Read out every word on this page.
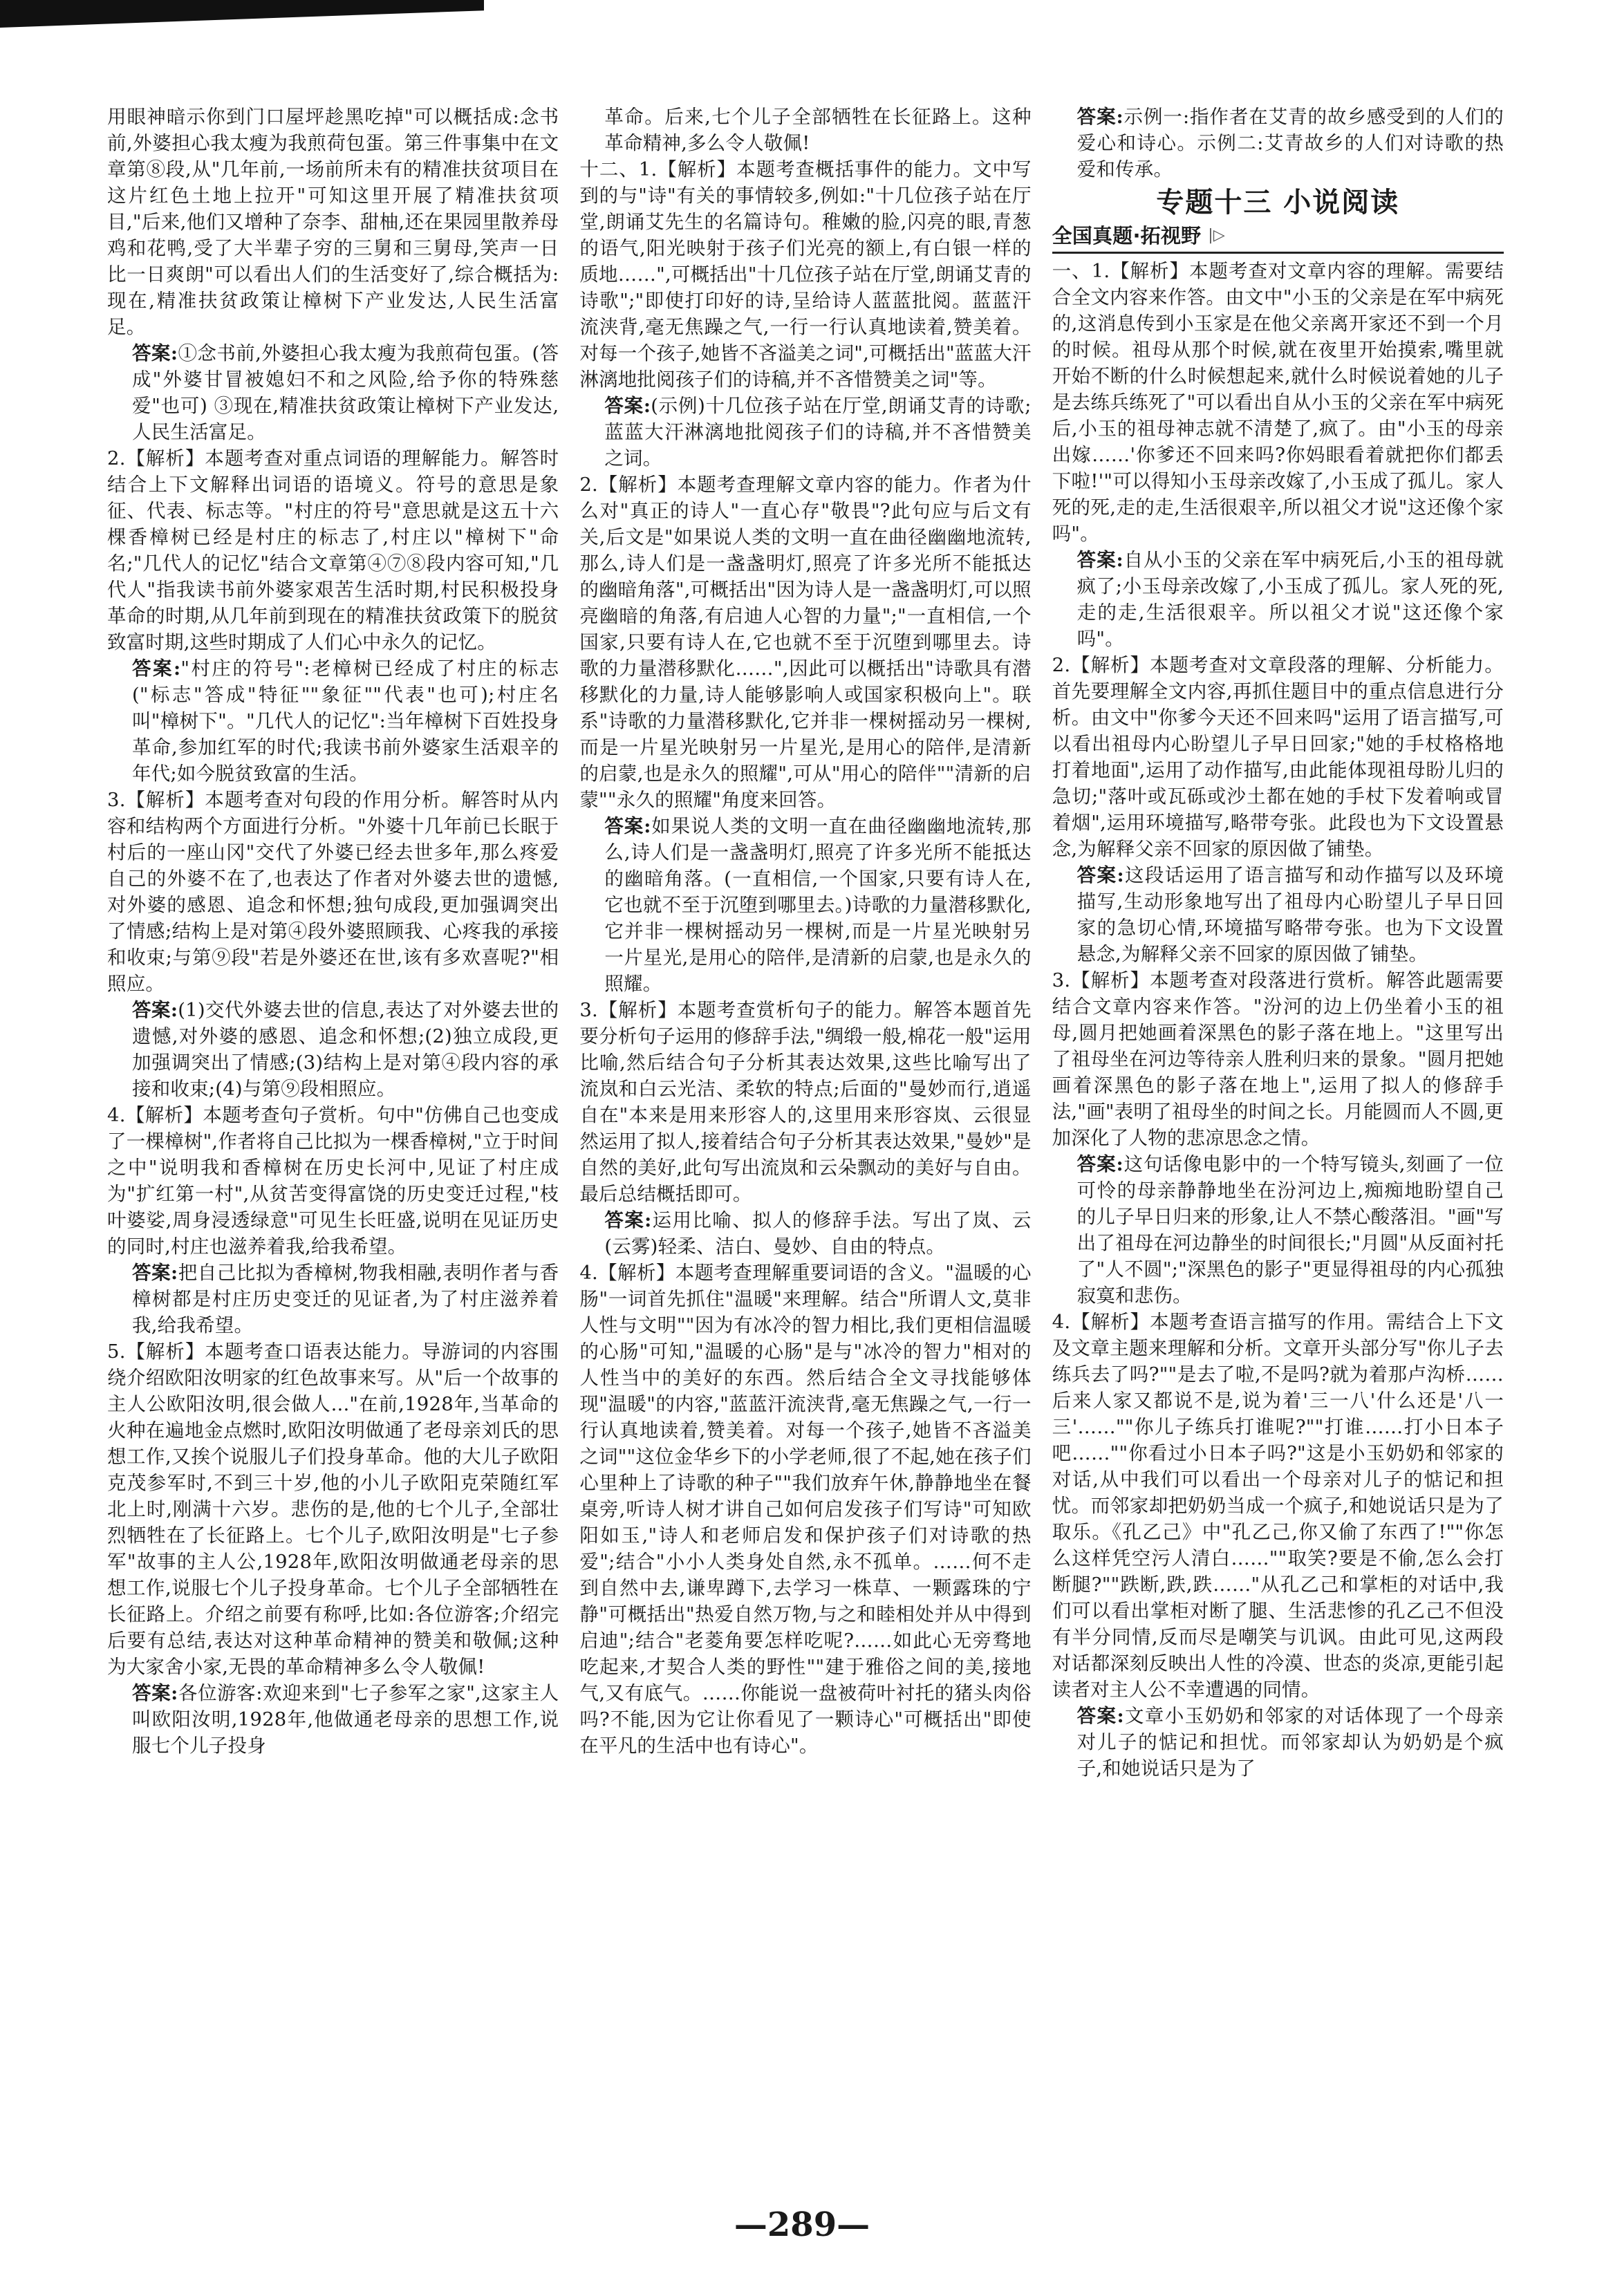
用眼神暗示你到门口屋坪趁黑吃掉"可以概括成:念书前,外婆担心我太瘦为我煎荷包蛋。第三件事集中在文章第⑧段,从"几年前,一场前所未有的精准扶贫项目在这片红色土地上拉开"可知这里开展了精准扶贫项目,"后来,他们又增种了奈李、甜柚,还在果园里散养母鸡和花鸭,受了大半辈子穷的三舅和三舅母,笑声一日比一日爽朗"可以看出人们的生活变好了,综合概括为:现在,精准扶贫政策让樟树下产业发达,人民生活富足。

答案:①念书前,外婆担心我太瘦为我煎荷包蛋。(答成"外婆甘冒被媳妇不和之风险,给予你的特殊慈爱"也可) ③现在,精准扶贫政策让樟树下产业发达,人民生活富足。

2.【解析】本题考查对重点词语的理解能力。解答时结合上下文解释出词语的语境义。符号的意思是象征、代表、标志等。"村庄的符号"意思就是这五十六棵香樟树已经是村庄的标志了,村庄以"樟树下"命名;"几代人的记忆"结合文章第④⑦⑧段内容可知,"几代人"指我读书前外婆家艰苦生活时期,村民积极投身革命的时期,从几年前到现在的精准扶贫政策下的脱贫致富时期,这些时期成了人们心中永久的记忆。

答案:"村庄的符号":老樟树已经成了村庄的标志("标志"答成"特征""象征""代表"也可);村庄名叫"樟树下"。"几代人的记忆":当年樟树下百姓投身革命,参加红军的时代;我读书前外婆家生活艰辛的年代;如今脱贫致富的生活。

3.【解析】本题考查对句段的作用分析。解答时从内容和结构两个方面进行分析。"外婆十几年前已长眠于村后的一座山冈"交代了外婆已经去世多年,那么疼爱自己的外婆不在了,也表达了作者对外婆去世的遗憾,对外婆的感恩、追念和怀想;独句成段,更加强调突出了情感;结构上是对第④段外婆照顾我、心疼我的承接和收束;与第⑨段"若是外婆还在世,该有多欢喜呢?"相照应。

答案:(1)交代外婆去世的信息,表达了对外婆去世的遗憾,对外婆的感恩、追念和怀想;(2)独立成段,更加强调突出了情感;(3)结构上是对第④段内容的承接和收束;(4)与第⑨段相照应。

4.【解析】本题考查句子赏析。句中"仿佛自己也变成了一棵樟树",作者将自己比拟为一棵香樟树,"立于时间之中"说明我和香樟树在历史长河中,见证了村庄成为"扩红第一村",从贫苦变得富饶的历史变迁过程,"枝叶婆娑,周身浸透绿意"可见生长旺盛,说明在见证历史的同时,村庄也滋养着我,给我希望。

答案:把自己比拟为香樟树,物我相融,表明作者与香樟树都是村庄历史变迁的见证者,为了村庄滋养着我,给我希望。

5.【解析】本题考查口语表达能力。导游词的内容围绕介绍欧阳汝明家的红色故事来写。从"后一个故事的主人公欧阳汝明,很会做人..."在前,1928年,当革命的火种在遍地金点燃时,欧阳汝明做通了老母亲刘氏的思想工作,又挨个说服儿子们投身革命。他的大儿子欧阳克茂参军时,不到三十岁,他的小儿子欧阳克荣随红军北上时,刚满十六岁。悲伤的是,他的七个儿子,全部壮烈牺牲在了长征路上。七个儿子,欧阳汝明是"七子参军"故事的主人公,1928年,欧阳汝明做通老母亲的思想工作,说服七个儿子投身革命。七个儿子全部牺牲在长征路上。介绍之前要有称呼,比如:各位游客;介绍完后要有总结,表达对这种革命精神的赞美和敬佩;这种为大家舍小家,无畏的革命精神多么令人敬佩!

答案:各位游客:欢迎来到"七子参军之家",这家主人叫欧阳汝明,1928年,他做通老母亲的思想工作,说服七个儿子投身

革命。后来,七个儿子全部牺牲在长征路上。这种革命精神,多么令人敬佩!

十二、1.【解析】本题考查概括事件的能力。文中写到的与"诗"有关的事情较多,例如:"十几位孩子站在厅堂,朗诵艾先生的名篇诗句。稚嫩的脸,闪亮的眼,青葱的语气,阳光映射于孩子们光亮的额上,有白银一样的质地……",可概括出"十几位孩子站在厅堂,朗诵艾青的诗歌";"即使打印好的诗,呈给诗人蓝蓝批阅。蓝蓝汗流浃背,毫无焦躁之气,一行一行认真地读着,赞美着。对每一个孩子,她皆不吝溢美之词",可概括出"蓝蓝大汗淋漓地批阅孩子们的诗稿,并不吝惜赞美之词"等。

答案:(示例)十几位孩子站在厅堂,朗诵艾青的诗歌;蓝蓝大汗淋漓地批阅孩子们的诗稿,并不吝惜赞美之词。

2.【解析】本题考查理解文章内容的能力。作者为什么对"真正的诗人"一直心存"敬畏"?此句应与后文有关,后文是"如果说人类的文明一直在曲径幽幽地流转,那么,诗人们是一盏盏明灯,照亮了许多光所不能抵达的幽暗角落",可概括出"因为诗人是一盏盏明灯,可以照亮幽暗的角落,有启迪人心智的力量";"一直相信,一个国家,只要有诗人在,它也就不至于沉堕到哪里去。诗歌的力量潜移默化……",因此可以概括出"诗歌具有潜移默化的力量,诗人能够影响人或国家积极向上"。联系"诗歌的力量潜移默化,它并非一棵树摇动另一棵树,而是一片星光映射另一片星光,是用心的陪伴,是清新的启蒙,也是永久的照耀",可从"用心的陪伴""清新的启蒙""永久的照耀"角度来回答。

答案:如果说人类的文明一直在曲径幽幽地流转,那么,诗人们是一盏盏明灯,照亮了许多光所不能抵达的幽暗角落。(一直相信,一个国家,只要有诗人在,它也就不至于沉堕到哪里去。)诗歌的力量潜移默化,它并非一棵树摇动另一棵树,而是一片星光映射另一片星光,是用心的陪伴,是清新的启蒙,也是永久的照耀。

3.【解析】本题考查赏析句子的能力。解答本题首先要分析句子运用的修辞手法,"绸缎一般,棉花一般"运用比喻,然后结合句子分析其表达效果,这些比喻写出了流岚和白云光洁、柔软的特点;后面的"曼妙而行,逍遥自在"本来是用来形容人的,这里用来形容岚、云很显然运用了拟人,接着结合句子分析其表达效果,"曼妙"是自然的美好,此句写出流岚和云朵飘动的美好与自由。最后总结概括即可。

答案:运用比喻、拟人的修辞手法。写出了岚、云(云雾)轻柔、洁白、曼妙、自由的特点。

4.【解析】本题考查理解重要词语的含义。"温暖的心肠"一词首先抓住"温暖"来理解。结合"所谓人文,莫非人性与文明""因为有冰冷的智力相比,我们更相信温暖的心肠"可知,"温暖的心肠"是与"冰冷的智力"相对的人性当中的美好的东西。然后结合全文寻找能够体现"温暖"的内容,"蓝蓝汗流浃背,毫无焦躁之气,一行一行认真地读着,赞美着。对每一个孩子,她皆不吝溢美之词""这位金华乡下的小学老师,很了不起,她在孩子们心里种上了诗歌的种子""我们放弃午休,静静地坐在餐桌旁,听诗人树才讲自己如何启发孩子们写诗"可知欧阳如玉,"诗人和老师启发和保护孩子们对诗歌的热爱";结合"小小人类身处自然,永不孤单。……何不走到自然中去,谦卑蹲下,去学习一株草、一颗露珠的宁静"可概括出"热爱自然万物,与之和睦相处并从中得到启迪";结合"老菱角要怎样吃呢?……如此心无旁骛地吃起来,才契合人类的野性""建于雅俗之间的美,接地气,又有底气。……你能说一盘被荷叶衬托的猪头肉俗吗?不能,因为它让你看见了一颗诗心"可概括出"即使在平凡的生活中也有诗心"。

答案:示例一:指作者在艾青的故乡感受到的人们的爱心和诗心。示例二:艾青故乡的人们对诗歌的热爱和传承。

专题十三 小说阅读
全国真题·拓视野 |▷

一、1.【解析】本题考查对文章内容的理解。需要结合全文内容来作答。由文中"小玉的父亲是在军中病死的,这消息传到小玉家是在他父亲离开家还不到一个月的时候。祖母从那个时候,就在夜里开始摸索,嘴里就开始不断的什么时候想起来,就什么时候说着她的儿子是去练兵练死了"可以看出自从小玉的父亲在军中病死后,小玉的祖母神志就不清楚了,疯了。由"小玉的母亲出嫁……'你爹还不回来吗?你妈眼看着就把你们都丢下啦!'"可以得知小玉母亲改嫁了,小玉成了孤儿。家人死的死,走的走,生活很艰辛,所以祖父才说"这还像个家吗"。

答案:自从小玉的父亲在军中病死后,小玉的祖母就疯了;小玉母亲改嫁了,小玉成了孤儿。家人死的死,走的走,生活很艰辛。所以祖父才说"这还像个家吗"。

2.【解析】本题考查对文章段落的理解、分析能力。首先要理解全文内容,再抓住题目中的重点信息进行分析。由文中"你爹今天还不回来吗"运用了语言描写,可以看出祖母内心盼望儿子早日回家;"她的手杖格格地打着地面",运用了动作描写,由此能体现祖母盼儿归的急切;"落叶或瓦砾或沙土都在她的手杖下发着响或冒着烟",运用环境描写,略带夸张。此段也为下文设置悬念,为解释父亲不回家的原因做了铺垫。

答案:这段话运用了语言描写和动作描写以及环境描写,生动形象地写出了祖母内心盼望儿子早日回家的急切心情,环境描写略带夸张。也为下文设置悬念,为解释父亲不回家的原因做了铺垫。

3.【解析】本题考查对段落进行赏析。解答此题需要结合文章内容来作答。"汾河的边上仍坐着小玉的祖母,圆月把她画着深黑色的影子落在地上。"这里写出了祖母坐在河边等待亲人胜利归来的景象。"圆月把她画着深黑色的影子落在地上",运用了拟人的修辞手法,"画"表明了祖母坐的时间之长。月能圆而人不圆,更加深化了人物的悲凉思念之情。

答案:这句话像电影中的一个特写镜头,刻画了一位可怜的母亲静静地坐在汾河边上,痴痴地盼望自己的儿子早日归来的形象,让人不禁心酸落泪。"画"写出了祖母在河边静坐的时间很长;"月圆"从反面衬托了"人不圆";"深黑色的影子"更显得祖母的内心孤独寂寞和悲伤。

4.【解析】本题考查语言描写的作用。需结合上下文及文章主题来理解和分析。文章开头部分写"你儿子去练兵去了吗?""是去了啦,不是吗?就为着那卢沟桥……后来人家又都说不是,说为着'三一八'什么还是'八一三'……""你儿子练兵打谁呢?""打谁……打小日本子吧……""你看过小日本子吗?"这是小玉奶奶和邻家的对话,从中我们可以看出一个母亲对儿子的惦记和担忧。而邻家却把奶奶当成一个疯子,和她说话只是为了取乐。《孔乙己》中"孔乙己,你又偷了东西了!""你怎么这样凭空污人清白……""取笑?要是不偷,怎么会打断腿?""跌断,跌,跌……"从孔乙己和掌柜的对话中,我们可以看出掌柜对断了腿、生活悲惨的孔乙己不但没有半分同情,反而尽是嘲笑与讥讽。由此可见,这两段对话都深刻反映出人性的冷漠、世态的炎凉,更能引起读者对主人公不幸遭遇的同情。

答案:文章小玉奶奶和邻家的对话体现了一个母亲对儿子的惦记和担忧。而邻家却认为奶奶是个疯子,和她说话只是为了

—289—
